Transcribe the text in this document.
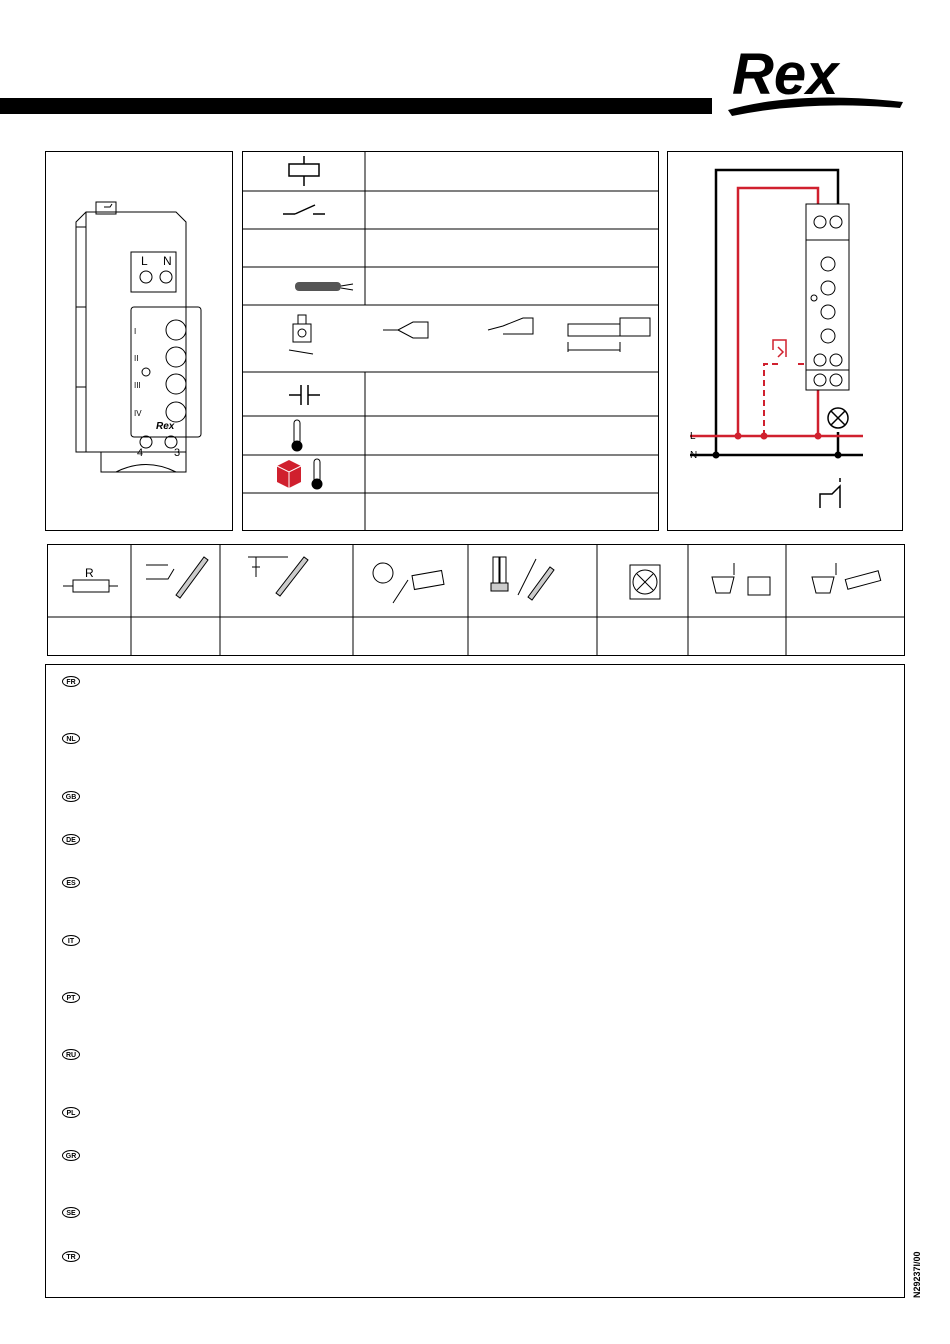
Rex
L N
I
II
III
IV
Rex
4	3
L
N
R
FR
NL
GB
DE
ES
IT
PT
RU
PL
GR
SE
TR	N29237I/00
